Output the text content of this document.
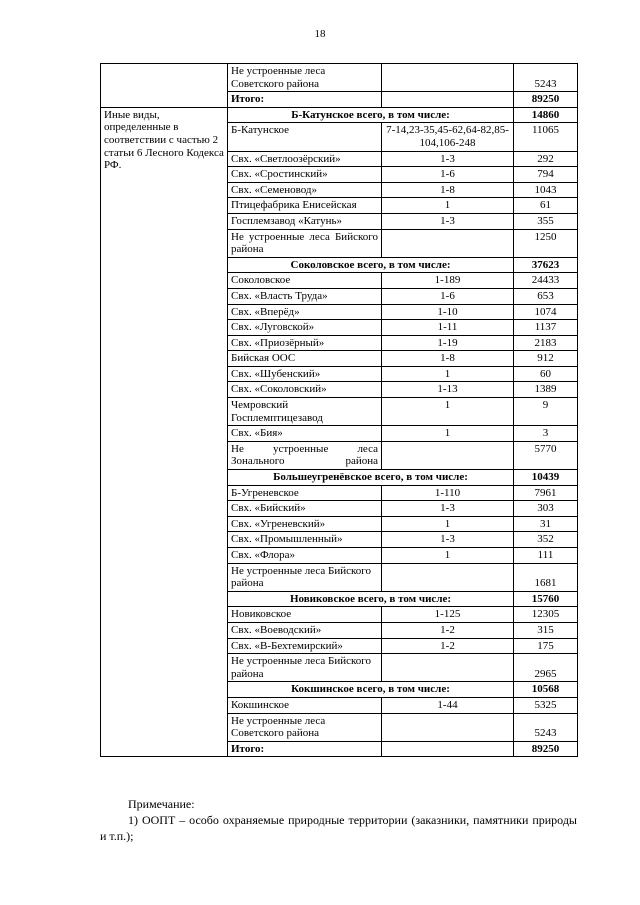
18
	Не устроенные леса Советского района		5243
	Итого:		89250
Иные виды, определенные в соответствии с частью 2 статьи 6 Лесного Кодекса РФ.	Б-Катунское всего, в том числе:		14860
	Б-Катунское	7-14,23-35,45-62,64-82,85-104,106-248	11065
	Свх. «Светлоозёрский»	1-3	292
	Свх. «Сростинский»	1-6	794
	Свх. «Семеновод»	1-8	1043
	Птицефабрика Енисейская	1	61
	Госплемзавод «Катунь»	1-3	355
	Не устроенные леса Бийского района		1250
	Соколовское всего, в том числе:		37623
	Соколовское	1-189	24433
	Свх. «Власть Труда»	1-6	653
	Свх. «Вперёд»	1-10	1074
	Свх. «Луговской»	1-11	1137
	Свх. «Приозёрный»	1-19	2183
	Бийская ООС	1-8	912
	Свх. «Шубенский»	1	60
	Свх. «Соколовский»	1-13	1389
	Чемровский Госплемптицезавод	1	9
	Свх. «Бия»	1	3
	Не устроенные леса Зонального района		5770
	Большеугренёвское всего, в том числе:		10439
	Б-Угреневское	1-110	7961
	Свх. «Бийский»	1-3	303
	Свх. «Угреневский»	1	31
	Свх. «Промышленный»	1-3	352
	Свх. «Флора»	1	111
	Не устроенные леса Бийского района		1681
	Новиковское всего, в том числе:		15760
	Новиковское	1-125	12305
	Свх. «Воеводский»	1-2	315
	Свх. «В-Бехтемирский»	1-2	175
	Не устроенные леса Бийского района		2965
	Кокшинское всего, в том числе:		10568
	Кокшинское	1-44	5325
	Не устроенные леса Советского района		5243
	Итого:		89250
Примечание:
1) ООПТ – особо охраняемые природные территории (заказники, памятники природы и т.п.);
